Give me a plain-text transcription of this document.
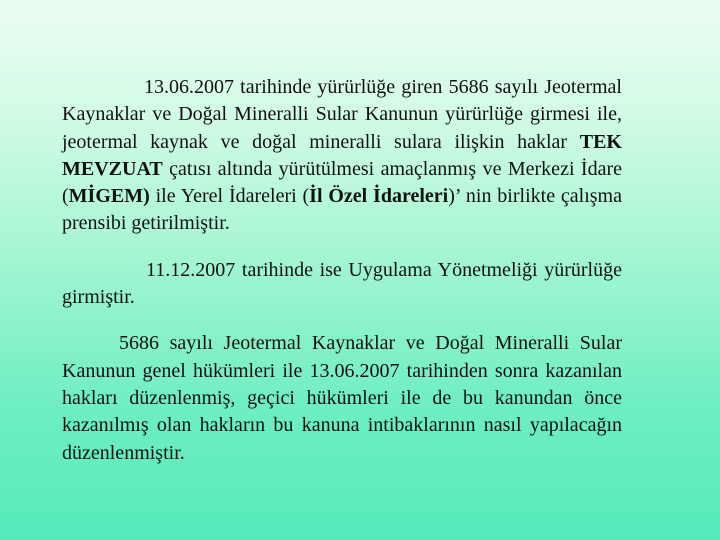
13.06.2007 tarihinde yürürlüğe giren 5686 sayılı Jeotermal Kaynaklar ve Doğal Mineralli Sular Kanunun yürürlüğe girmesi ile, jeotermal kaynak ve doğal mineralli sulara ilişkin haklar TEK MEVZUAT çatısı altında yürütülmesi amaçlanmış ve Merkezi İdare (MİGEM) ile Yerel İdareleri (İl Özel İdareleri)’ nin birlikte çalışma prensibi getirilmiştir.

11.12.2007 tarihinde ise Uygulama Yönetmeliği yürürlüğe girmiştir.

5686 sayılı Jeotermal Kaynaklar ve Doğal Mineralli Sular Kanunun genel hükümleri ile 13.06.2007 tarihinden sonra kazanılan hakları düzenlenmiş, geçici hükümleri ile de bu kanundan önce kazanılmış olan hakların bu kanuna intibaklarının nasıl yapılacağın düzenlenmiştir.
